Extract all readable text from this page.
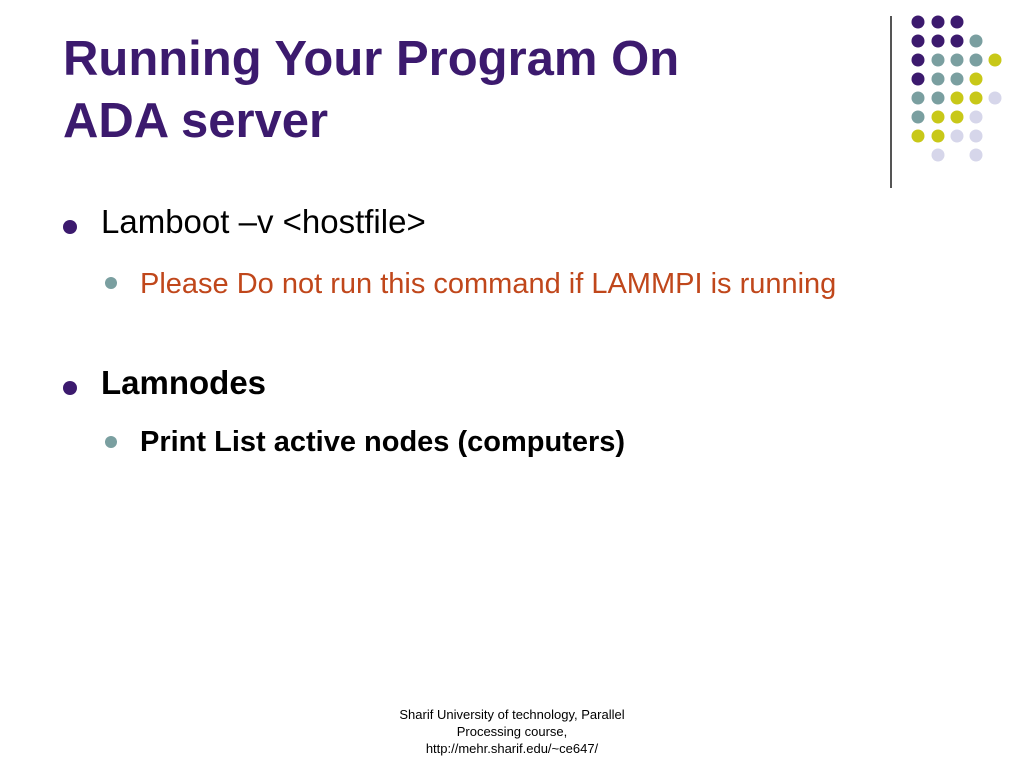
Running Your Program On
ADA server
Lamboot –v <hostfile>
Please Do not run this command if LAMMPI is running
Lamnodes
Print List active nodes (computers)
Sharif University of technology, Parallel
Processing course,
http://mehr.sharif.edu/~ce647/
